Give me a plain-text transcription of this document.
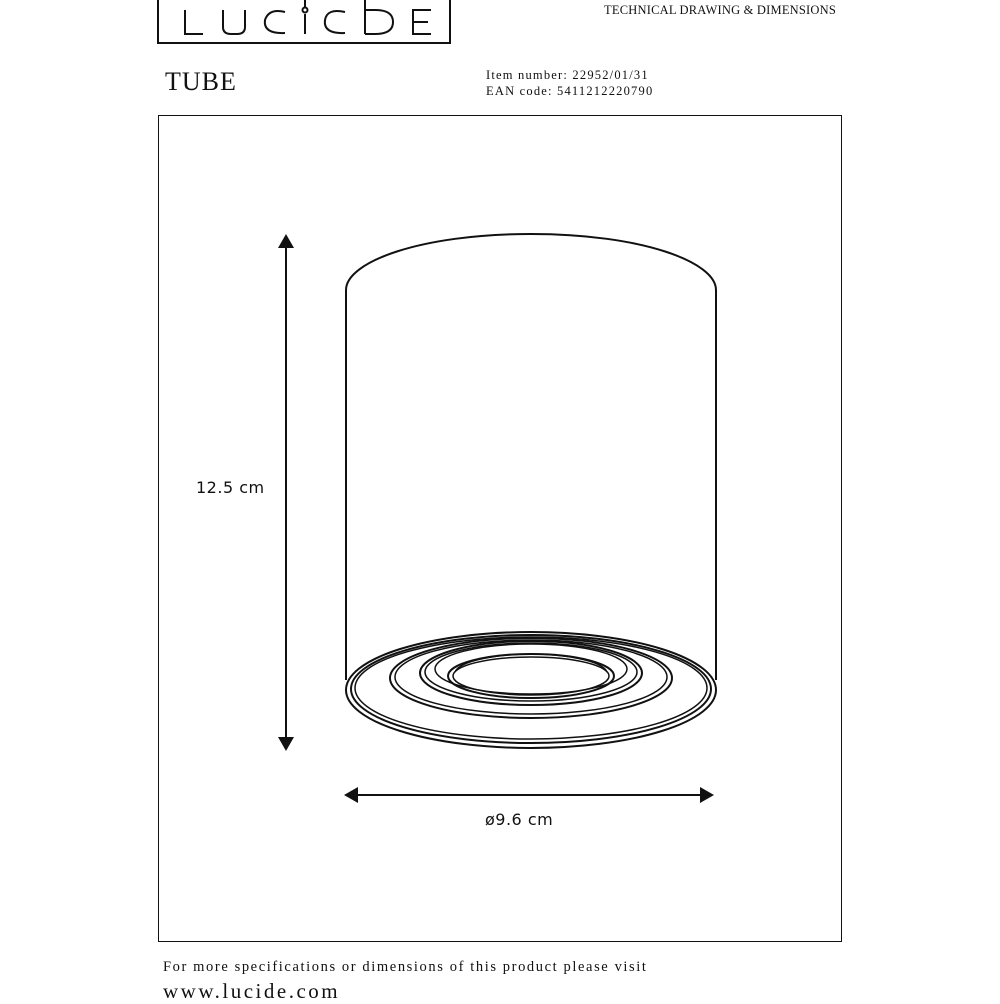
TECHNICAL DRAWING & DIMENSIONS
TUBE	Item number: 22952/01/31
EAN code: 5411212220790
12.5 cm
ø9.6 cm
For more specifications or dimensions of this product please visit
www.lucide.com
